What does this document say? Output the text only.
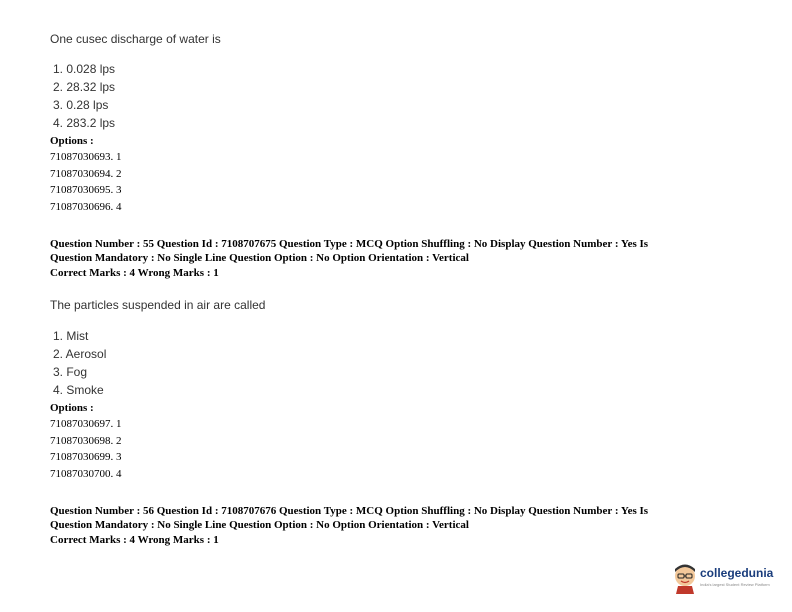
One cusec discharge of water is
1. 0.028 lps
2. 28.32 lps
3. 0.28 lps
4. 283.2 lps
Options :
71087030693. 1
71087030694. 2
71087030695. 3
71087030696. 4
Question Number : 55 Question Id : 7108707675 Question Type : MCQ Option Shuffling : No Display Question Number : Yes Is
Question Mandatory : No Single Line Question Option : No Option Orientation : Vertical
Correct Marks : 4 Wrong Marks : 1
The particles suspended in air are called
1. Mist
2. Aerosol
3. Fog
4. Smoke
Options :
71087030697. 1
71087030698. 2
71087030699. 3
71087030700. 4
Question Number : 56 Question Id : 7108707676 Question Type : MCQ Option Shuffling : No Display Question Number : Yes Is
Question Mandatory : No Single Line Question Option : No Option Orientation : Vertical
Correct Marks : 4 Wrong Marks : 1
collegedunia
India's largest Student Review Platform
